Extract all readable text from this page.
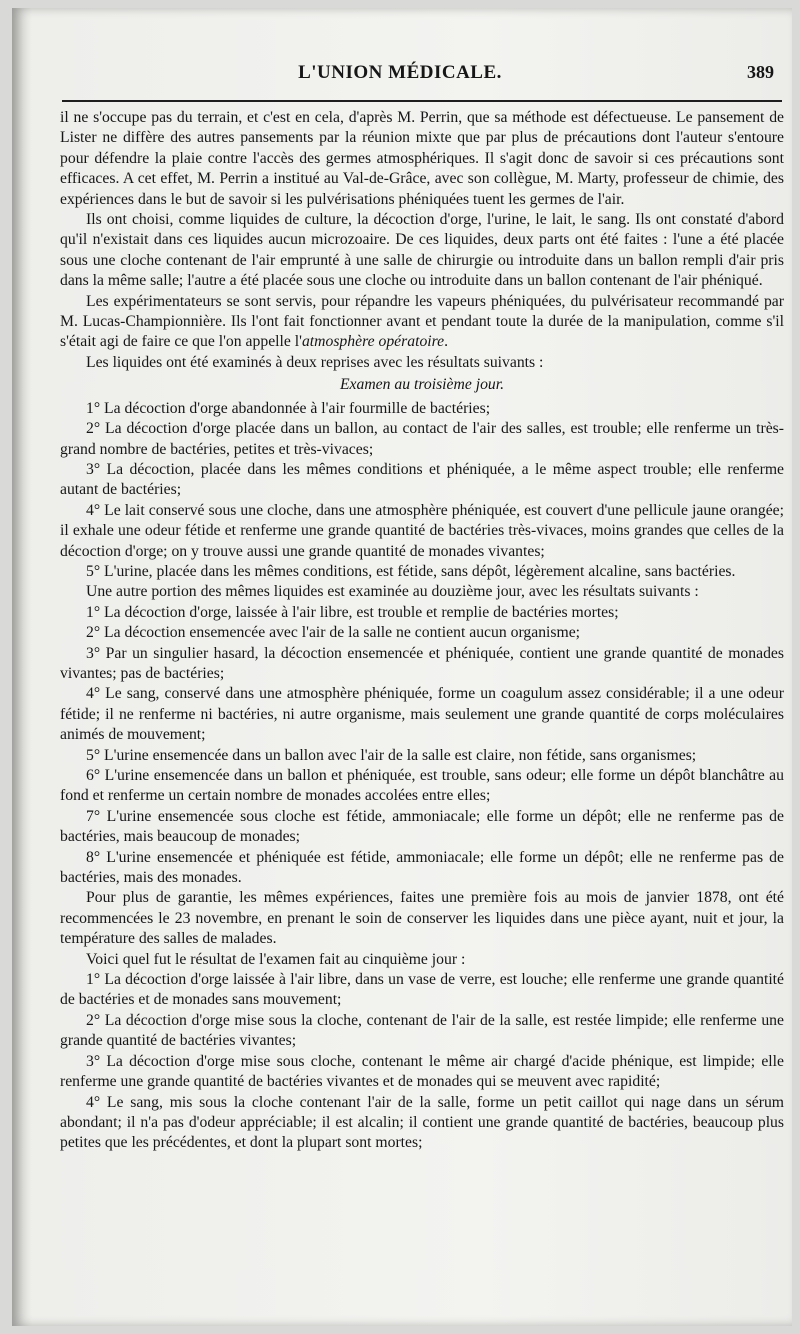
L'UNION MÉDICALE.	389

il ne s'occupe pas du terrain, et c'est en cela, d'après M. Perrin, que sa méthode est défectueuse. Le pansement de Lister ne diffère des autres pansements par la réunion mixte que par plus de précautions dont l'auteur s'entoure pour défendre la plaie contre l'accès des germes atmosphériques. Il s'agit donc de savoir si ces précautions sont efficaces. A cet effet, M. Perrin a institué au Val-de-Grâce, avec son collègue, M. Marty, professeur de chimie, des expériences dans le but de savoir si les pulvérisations phéniquées tuent les germes de l'air.

Ils ont choisi, comme liquides de culture, la décoction d'orge, l'urine, le lait, le sang. Ils ont constaté d'abord qu'il n'existait dans ces liquides aucun microzoaire. De ces liquides, deux parts ont été faites : l'une a été placée sous une cloche contenant de l'air emprunté à une salle de chirurgie ou introduite dans un ballon rempli d'air pris dans la même salle; l'autre a été placée sous une cloche ou introduite dans un ballon contenant de l'air phéniqué.

Les expérimentateurs se sont servis, pour répandre les vapeurs phéniquées, du pulvérisateur recommandé par M. Lucas-Championnière. Ils l'ont fait fonctionner avant et pendant toute la durée de la manipulation, comme s'il s'était agi de faire ce que l'on appelle l'atmosphère opératoire.

Les liquides ont été examinés à deux reprises avec les résultats suivants :

Examen au troisième jour.

1° La décoction d'orge abandonnée à l'air fourmille de bactéries;

2° La décoction d'orge placée dans un ballon, au contact de l'air des salles, est trouble; elle renferme un très-grand nombre de bactéries, petites et très-vivaces;

3° La décoction, placée dans les mêmes conditions et phéniquée, a le même aspect trouble; elle renferme autant de bactéries;

4° Le lait conservé sous une cloche, dans une atmosphère phéniquée, est couvert d'une pellicule jaune orangée; il exhale une odeur fétide et renferme une grande quantité de bactéries très-vivaces, moins grandes que celles de la décoction d'orge; on y trouve aussi une grande quantité de monades vivantes;

5° L'urine, placée dans les mêmes conditions, est fétide, sans dépôt, légèrement alcaline, sans bactéries.

Une autre portion des mêmes liquides est examinée au douzième jour, avec les résultats suivants :

1° La décoction d'orge, laissée à l'air libre, est trouble et remplie de bactéries mortes;

2° La décoction ensemencée avec l'air de la salle ne contient aucun organisme;

3° Par un singulier hasard, la décoction ensemencée et phéniquée, contient une grande quantité de monades vivantes; pas de bactéries;

4° Le sang, conservé dans une atmosphère phéniquée, forme un coagulum assez considérable; il a une odeur fétide; il ne renferme ni bactéries, ni autre organisme, mais seulement une grande quantité de corps moléculaires animés de mouvement;

5° L'urine ensemencée dans un ballon avec l'air de la salle est claire, non fétide, sans organismes;

6° L'urine ensemencée dans un ballon et phéniquée, est trouble, sans odeur; elle forme un dépôt blanchâtre au fond et renferme un certain nombre de monades accolées entre elles;

7° L'urine ensemencée sous cloche est fétide, ammoniacale; elle forme un dépôt; elle ne renferme pas de bactéries, mais beaucoup de monades;

8° L'urine ensemencée et phéniquée est fétide, ammoniacale; elle forme un dépôt; elle ne renferme pas de bactéries, mais des monades.

Pour plus de garantie, les mêmes expériences, faites une première fois au mois de janvier 1878, ont été recommencées le 23 novembre, en prenant le soin de conserver les liquides dans une pièce ayant, nuit et jour, la température des salles de malades.

Voici quel fut le résultat de l'examen fait au cinquième jour :

1° La décoction d'orge laissée à l'air libre, dans un vase de verre, est louche; elle renferme une grande quantité de bactéries et de monades sans mouvement;

2° La décoction d'orge mise sous la cloche, contenant de l'air de la salle, est restée limpide; elle renferme une grande quantité de bactéries vivantes;

3° La décoction d'orge mise sous cloche, contenant le même air chargé d'acide phénique, est limpide; elle renferme une grande quantité de bactéries vivantes et de monades qui se meuvent avec rapidité;

4° Le sang, mis sous la cloche contenant l'air de la salle, forme un petit caillot qui nage dans un sérum abondant; il n'a pas d'odeur appréciable; il est alcalin; il contient une grande quantité de bactéries, beaucoup plus petites que les précédentes, et dont la plupart sont mortes;
